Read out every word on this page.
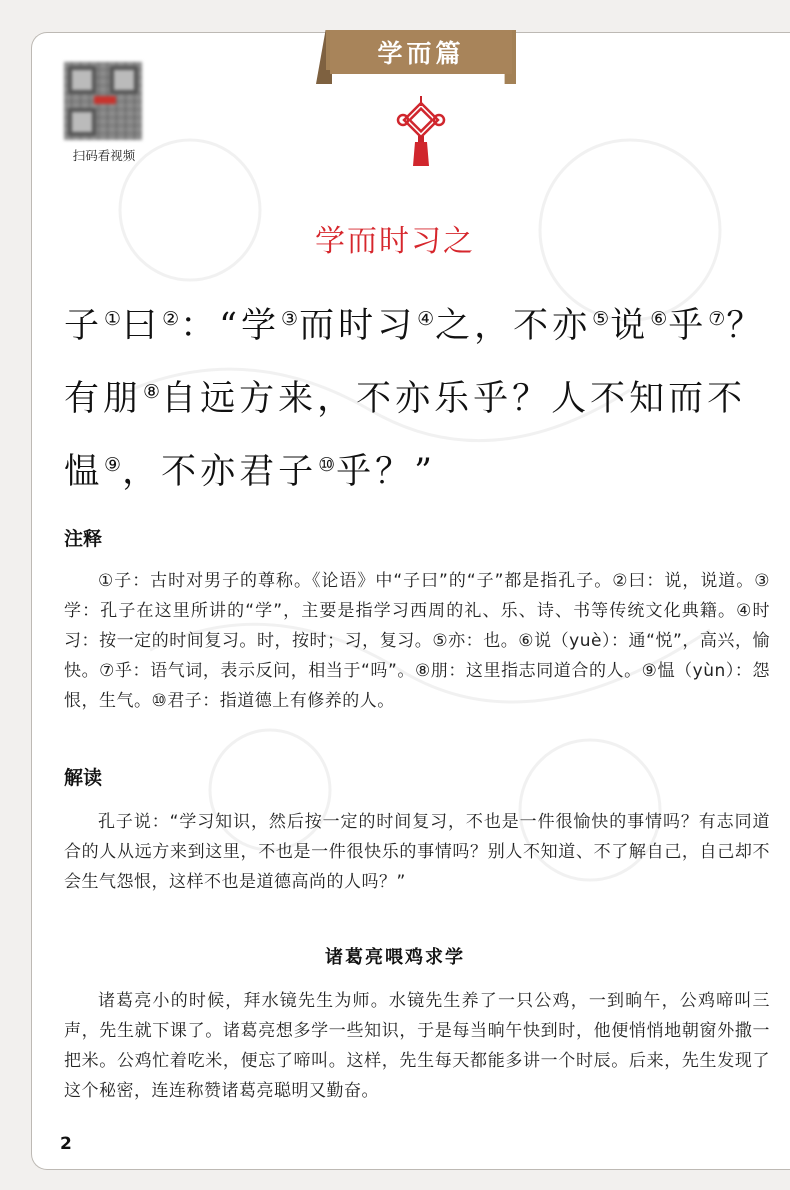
扫码看视频
学而篇
学而时习之
子①曰②：“学③而时习④之，不亦⑤说⑥乎⑦？有朋⑧自远方来，不亦乐乎？人不知而不愠⑨，不亦君子⑩乎？”
注释
①子：古时对男子的尊称。《论语》中“子曰”的“子”都是指孔子。②曰：说，说道。③学：孔子在这里所讲的“学”，主要是指学习西周的礼、乐、诗、书等传统文化典籍。④时习：按一定的时间复习。时，按时；习，复习。⑤亦：也。⑥说（yuè）：通“悦”，高兴，愉快。⑦乎：语气词，表示反问，相当于“吗”。⑧朋：这里指志同道合的人。⑨愠（yùn）：怨恨，生气。⑩君子：指道德上有修养的人。
解读
孔子说：“学习知识，然后按一定的时间复习，不也是一件很愉快的事情吗？有志同道合的人从远方来到这里，不也是一件很快乐的事情吗？别人不知道、不了解自己，自己却不会生气怨恨，这样不也是道德高尚的人吗？”
诸葛亮喂鸡求学
诸葛亮小的时候，拜水镜先生为师。水镜先生养了一只公鸡，一到晌午，公鸡啼叫三声，先生就下课了。诸葛亮想多学一些知识，于是每当晌午快到时，他便悄悄地朝窗外撒一把米。公鸡忙着吃米，便忘了啼叫。这样，先生每天都能多讲一个时辰。后来，先生发现了这个秘密，连连称赞诸葛亮聪明又勤奋。
2
